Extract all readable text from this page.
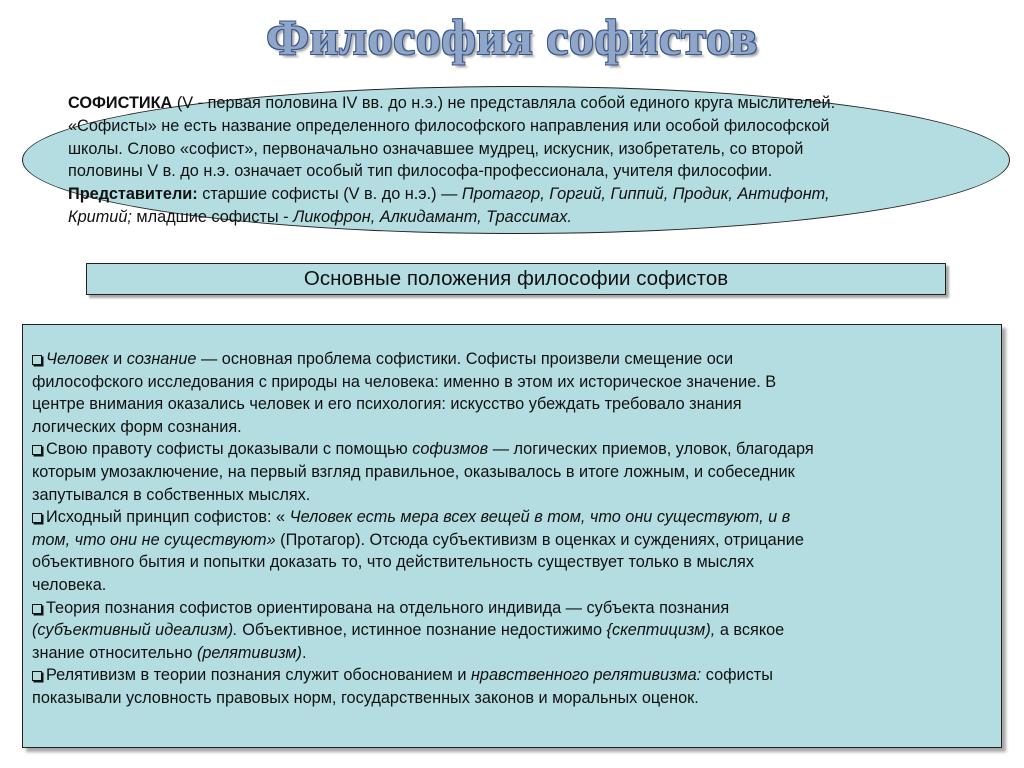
Философия софистов
СОФИСТИКА (V - первая половина IV вв. до н.э.) не представляла собой единого круга мыслителей.
«Софисты» не есть название определенного философского направления или особой философской
школы. Слово «софист», первоначально означавшее мудрец, искусник, изобретатель, со второй
половины V в. до н.э. означает особый тип философа-профессионала, учителя философии.
Представители: старшие софисты (V в. до н.э.) — Протагор, Горгий, Гиппий, Продик, Антифонт,
Критий; младшие софисты - Ликофрон, Алкидамант, Трассимах.
Основные положения философии софистов
Человек и сознание — основная проблема софистики. Софисты произвели смещение оси
философского исследования с природы на человека: именно в этом их историческое значение. В
центре внимания оказались человек и его психология: искусство убеждать требовало знания
логических форм сознания.
Свою правоту софисты доказывали с помощью софизмов — логических приемов, уловок, благодаря
которым умозаключение, на первый взгляд правильное, оказывалось в итоге ложным, и собеседник
запутывался в собственных мыслях.
Исходный принцип софистов: « Человек есть мера всех вещей в том, что они существуют, и в
том, что они не существуют» (Протагор). Отсюда субъективизм в оценках и суждениях, отрицание
объективного бытия и попытки доказать то, что действительность существует только в мыслях
человека.
Теория познания софистов ориентирована на отдельного индивида — субъекта познания
(субъективный идеализм). Объективное, истинное познание недостижимо {скептицизм), а всякое
знание относительно (релятивизм).
Релятивизм в теории познания служит обоснованием и нравственного релятивизма: софисты
показывали условность правовых норм, государственных законов и моральных оценок.
